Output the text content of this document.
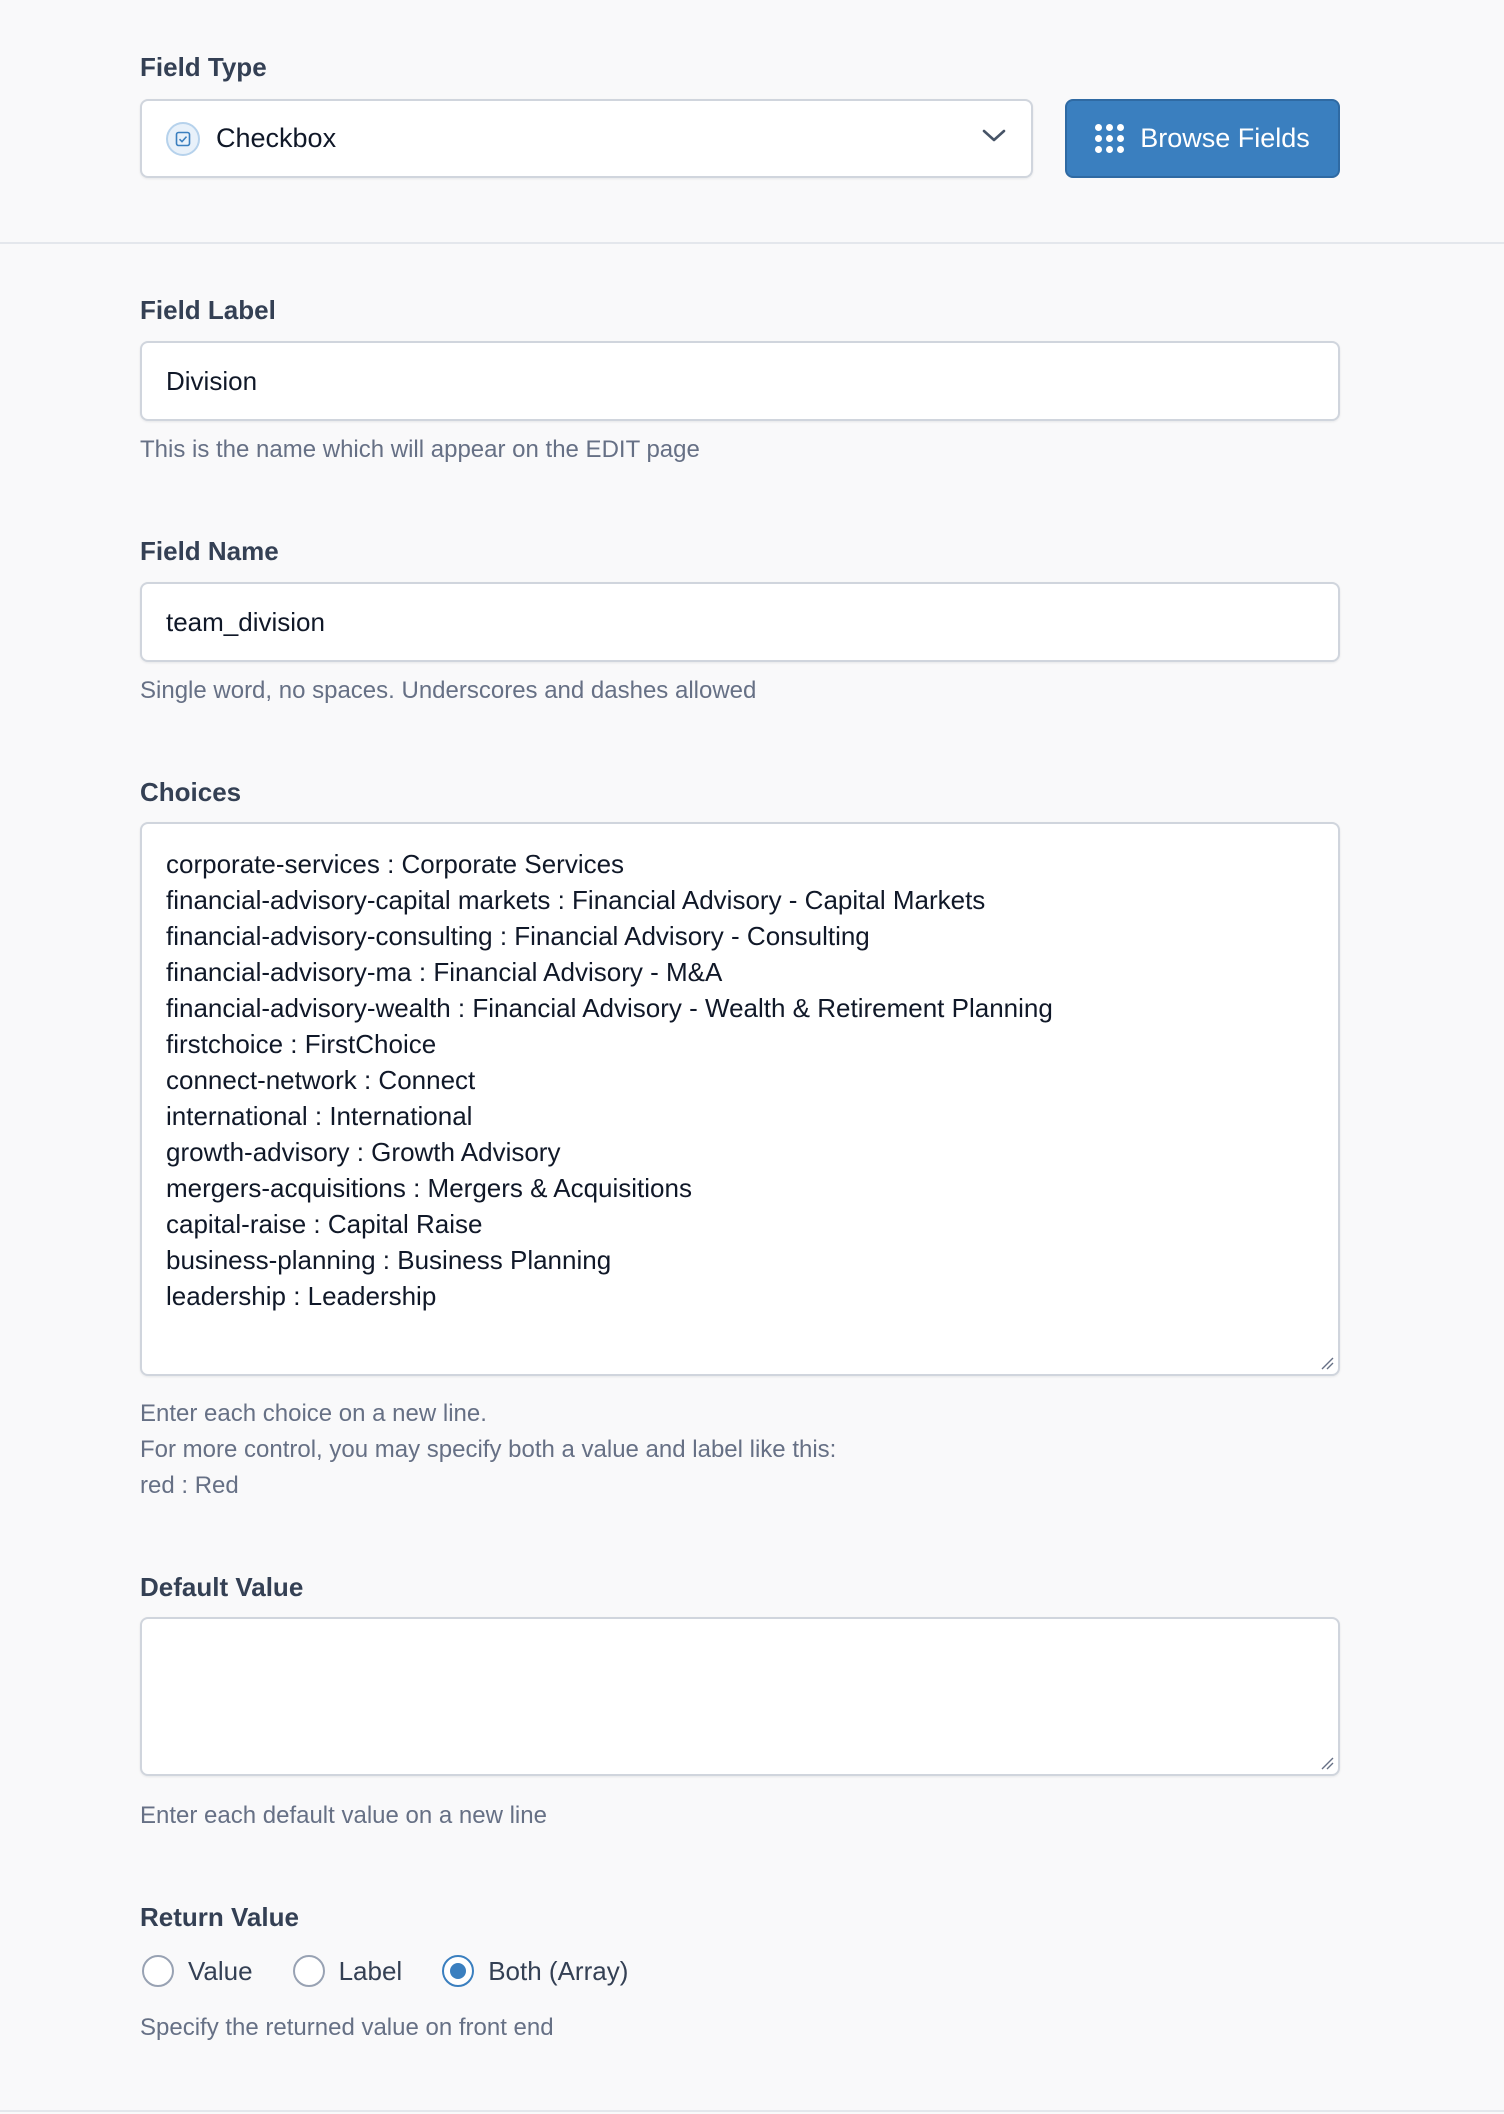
Field Type
Checkbox	Browse Fields
Field Label
Division
This is the name which will appear on the EDIT page
Field Name
team_division
Single word, no spaces. Underscores and dashes allowed
Choices
corporate-services : Corporate Services
financial-advisory-capital markets : Financial Advisory - Capital Markets
financial-advisory-consulting : Financial Advisory - Consulting
financial-advisory-ma : Financial Advisory - M&A
financial-advisory-wealth : Financial Advisory - Wealth & Retirement Planning
firstchoice : FirstChoice
connect-network : Connect
international : International
growth-advisory : Growth Advisory
mergers-acquisitions : Mergers & Acquisitions
capital-raise : Capital Raise
business-planning : Business Planning
leadership : Leadership
Enter each choice on a new line.
For more control, you may specify both a value and label like this:
red : Red
Default Value
Enter each default value on a new line
Return Value
Value	Label	Both (Array)
Specify the returned value on front end
